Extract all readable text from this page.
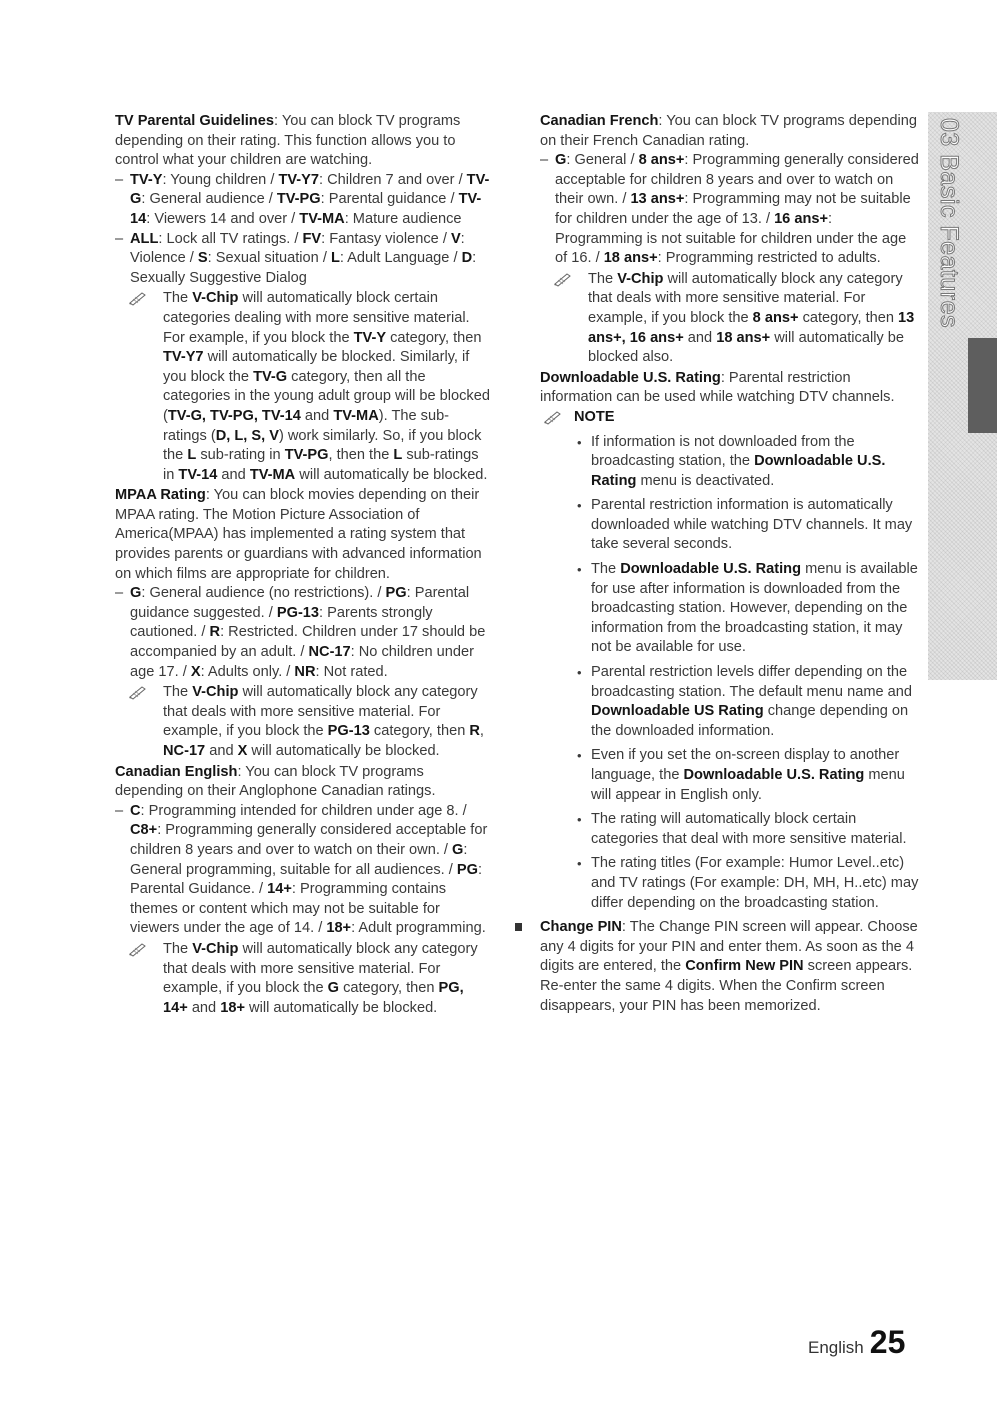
03 Basic Features

TV Parental Guidelines: You can block TV programs depending on their rating. This function allows you to control what your children are watching.

– TV-Y: Young children / TV-Y7: Children 7 and over / TV-G: General audience / TV-PG: Parental guidance / TV-14: Viewers 14 and over / TV-MA: Mature audience

– ALL: Lock all TV ratings. / FV: Fantasy violence / V: Violence / S: Sexual situation / L: Adult Language / D: Sexually Suggestive Dialog

The V-Chip will automatically block certain categories dealing with more sensitive material. For example, if you block the TV-Y category, then TV-Y7 will automatically be blocked. Similarly, if you block the TV-G category, then all the categories in the young adult group will be blocked (TV-G, TV-PG, TV-14 and TV-MA). The sub-ratings (D, L, S, V) work similarly. So, if you block the L sub-rating in TV-PG, then the L sub-ratings in TV-14 and TV-MA will automatically be blocked.

MPAA Rating: You can block movies depending on their MPAA rating. The Motion Picture Association of America(MPAA) has implemented a rating system that provides parents or guardians with advanced information on which films are appropriate for children.

– G: General audience (no restrictions). / PG: Parental guidance suggested. / PG-13: Parents strongly cautioned. / R: Restricted. Children under 17 should be accompanied by an adult. / NC-17: No children under age 17. / X: Adults only. / NR: Not rated.

The V-Chip will automatically block any category that deals with more sensitive material. For example, if you block the PG-13 category, then R, NC-17 and X will automatically be blocked.

Canadian English: You can block TV programs depending on their Anglophone Canadian ratings.

– C: Programming intended for children under age 8. / C8+: Programming generally considered acceptable for children 8 years and over to watch on their own. / G: General programming, suitable for all audiences. / PG: Parental Guidance. / 14+: Programming contains themes or content which may not be suitable for viewers under the age of 14. / 18+: Adult programming.

The V-Chip will automatically block any category that deals with more sensitive material. For example, if you block the G category, then PG, 14+ and 18+ will automatically be blocked.

Canadian French: You can block TV programs depending on their French Canadian rating.

– G: General / 8 ans+: Programming generally considered acceptable for children 8 years and over to watch on their own. / 13 ans+: Programming may not be suitable for children under the age of 13. / 16 ans+: Programming is not suitable for children under the age of 16. / 18 ans+: Programming restricted to adults.

The V-Chip will automatically block any category that deals with more sensitive material. For example, if you block the 8 ans+ category, then 13 ans+, 16 ans+ and 18 ans+ will automatically be blocked also.

Downloadable U.S. Rating: Parental restriction information can be used while watching DTV channels.

NOTE

• If information is not downloaded from the broadcasting station, the Downloadable U.S. Rating menu is deactivated.

• Parental restriction information is automatically downloaded while watching DTV channels. It may take several seconds.

• The Downloadable U.S. Rating menu is available for use after information is downloaded from the broadcasting station. However, depending on the information from the broadcasting station, it may not be available for use.

• Parental restriction levels differ depending on the broadcasting station. The default menu name and Downloadable US Rating change depending on the downloaded information.

• Even if you set the on-screen display to another language, the Downloadable U.S. Rating menu will appear in English only.

• The rating will automatically block certain categories that deal with more sensitive material.

• The rating titles (For example: Humor Level..etc) and TV ratings (For example: DH, MH, H..etc) may differ depending on the broadcasting station.

Change PIN: The Change PIN screen will appear. Choose any 4 digits for your PIN and enter them. As soon as the 4 digits are entered, the Confirm New PIN screen appears. Re-enter the same 4 digits. When the Confirm screen disappears, your PIN has been memorized.

English 25
